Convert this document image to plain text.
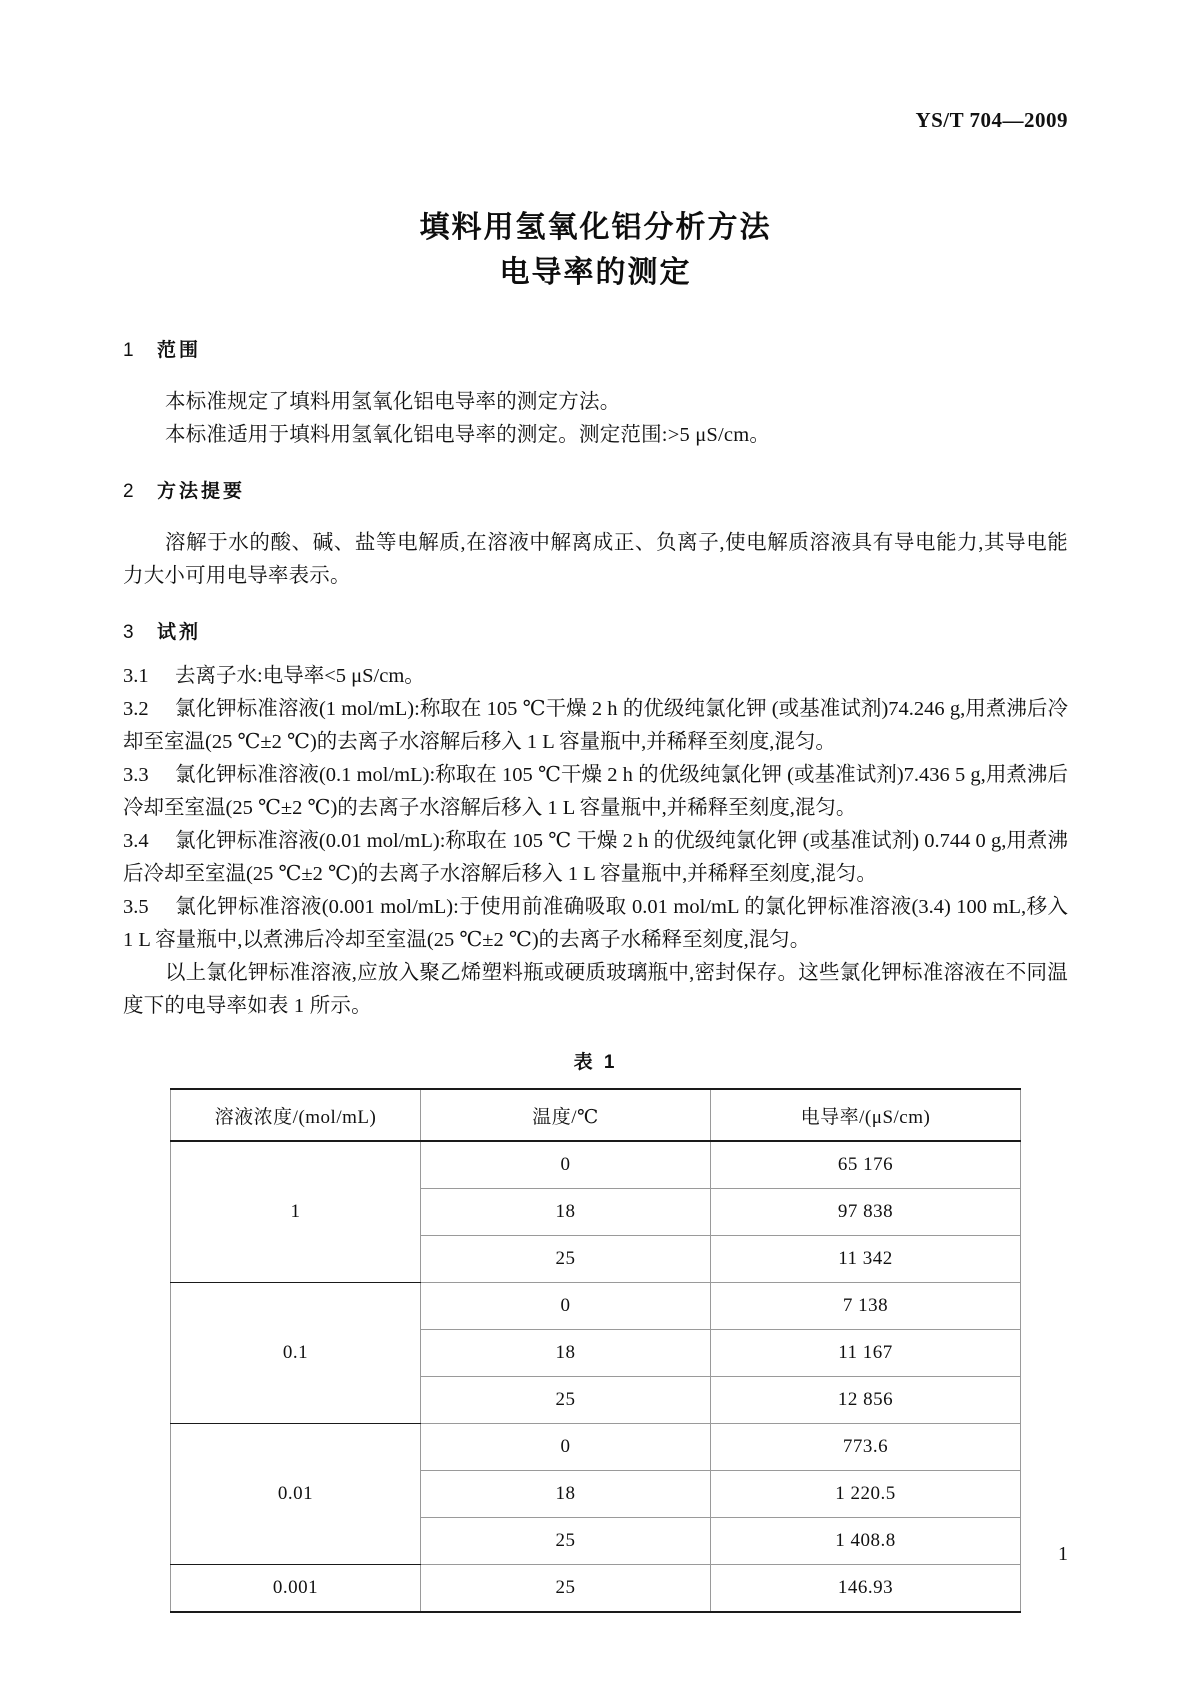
YS/T 704—2009
填料用氢氧化铝分析方法
电导率的测定
1 范围

本标准规定了填料用氢氧化铝电导率的测定方法。

本标准适用于填料用氢氧化铝电导率的测定。测定范围:>5 μS/cm。

2 方法提要

溶解于水的酸、碱、盐等电解质,在溶液中解离成正、负离子,使电解质溶液具有导电能力,其导电能力大小可用电导率表示。

3 试剂

3.1 去离子水:电导率<5 μS/cm。

3.2 氯化钾标准溶液(1 mol/mL):称取在 105 ℃干燥 2 h 的优级纯氯化钾 (或基准试剂)74.246 g,用煮沸后冷却至室温(25 ℃±2 ℃)的去离子水溶解后移入 1 L 容量瓶中,并稀释至刻度,混匀。

3.3 氯化钾标准溶液(0.1 mol/mL):称取在 105 ℃干燥 2 h 的优级纯氯化钾 (或基准试剂)7.436 5 g,用煮沸后冷却至室温(25 ℃±2 ℃)的去离子水溶解后移入 1 L 容量瓶中,并稀释至刻度,混匀。

3.4 氯化钾标准溶液(0.01 mol/mL):称取在 105 ℃ 干燥 2 h 的优级纯氯化钾 (或基准试剂) 0.744 0 g,用煮沸后冷却至室温(25 ℃±2 ℃)的去离子水溶解后移入 1 L 容量瓶中,并稀释至刻度,混匀。

3.5 氯化钾标准溶液(0.001 mol/mL):于使用前准确吸取 0.01 mol/mL 的氯化钾标准溶液(3.4) 100 mL,移入 1 L 容量瓶中,以煮沸后冷却至室温(25 ℃±2 ℃)的去离子水稀释至刻度,混匀。

以上氯化钾标准溶液,应放入聚乙烯塑料瓶或硬质玻璃瓶中,密封保存。这些氯化钾标准溶液在不同温度下的电导率如表 1 所示。

表 1

溶液浓度/(mol/mL)	温度/℃	电导率/(μS/cm)
1	0	65 176
	18	97 838
	25	11 342
0.1	0	7 138
	18	11 167
	25	12 856
0.01	0	773.6
	18	1 220.5
	25	1 408.8
0.001	25	146.93
1
